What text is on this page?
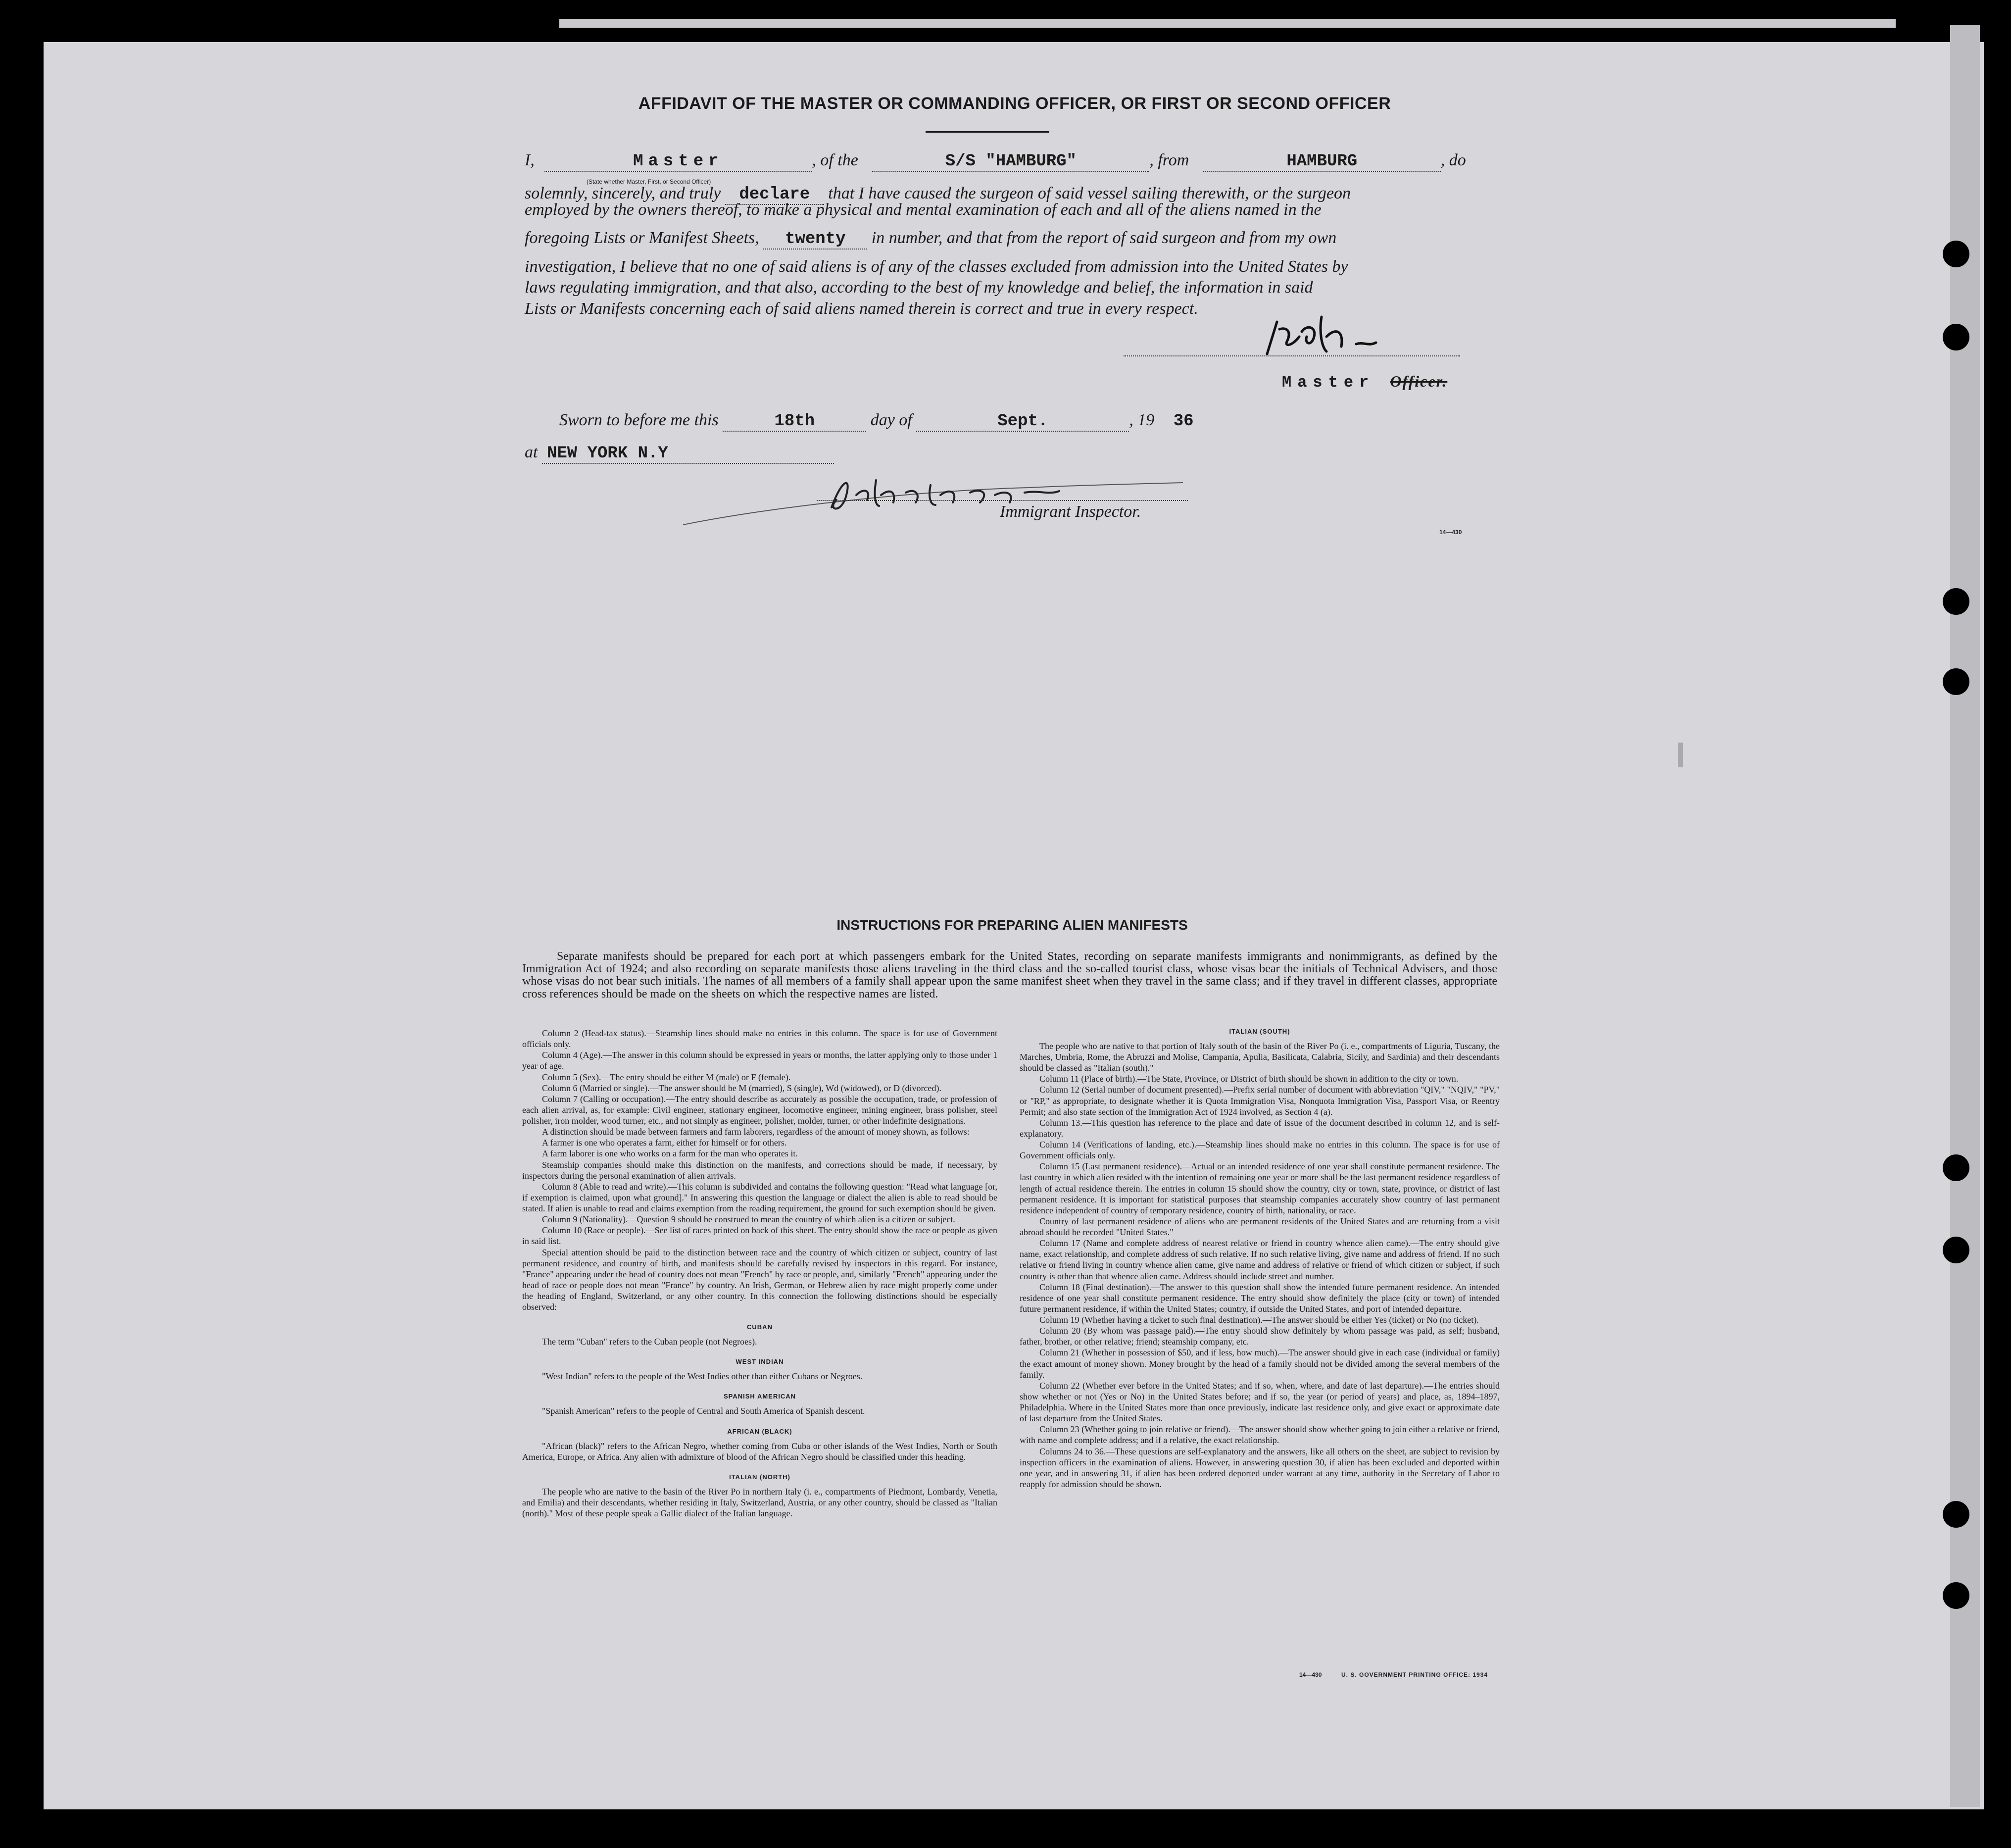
AFFIDAVIT OF THE MASTER OR COMMANDING OFFICER, OR FIRST OR SECOND OFFICER
I,	Master	, of the	S/S "HAMBURG"	, from	HAMBURG	, do
(State whether Master, First, or Second Officer)
solemnly, sincerely, and truly declare that I have caused the surgeon of said vessel sailing therewith, or the surgeon
employed by the owners thereof, to make a physical and mental examination of each and all of the aliens named in the
foregoing Lists or Manifest Sheets, twenty in number, and that from the report of said surgeon and from my own
investigation, I believe that no one of said aliens is of any of the classes excluded from admission into the United States by
laws regulating immigration, and that also, according to the best of my knowledge and belief, the information in said
Lists or Manifests concerning each of said aliens named therein is correct and true in every respect.
Master Officer.
Sworn to before me this	18th	day of	Sept.	, 19 36
at NEW YORK N.Y
Immigrant Inspector.
14—430
INSTRUCTIONS FOR PREPARING ALIEN MANIFESTS
Separate manifests should be prepared for each port at which passengers embark for the United States, recording on separate manifests immigrants and nonimmigrants, as defined by the Immigration Act of 1924; and also recording on separate manifests those aliens traveling in the third class and the so-called tourist class, whose visas bear the initials of Technical Advisers, and those whose visas do not bear such initials. The names of all members of a family shall appear upon the same manifest sheet when they travel in the same class; and if they travel in different classes, appropriate cross references should be made on the sheets on which the respective names are listed.

Column 2 (Head-tax status).—Steamship lines should make no entries in this column. The space is for use of Government officials only.

Column 4 (Age).—The answer in this column should be expressed in years or months, the latter applying only to those under 1 year of age.

Column 5 (Sex).—The entry should be either M (male) or F (female).

Column 6 (Married or single).—The answer should be M (married), S (single), Wd (widowed), or D (divorced).

Column 7 (Calling or occupation).—The entry should describe as accurately as possible the occupation, trade, or profession of each alien arrival, as, for example: Civil engineer, stationary engineer, locomotive engineer, mining engineer, brass polisher, steel polisher, iron molder, wood turner, etc., and not simply as engineer, polisher, molder, turner, or other indefinite designations.

A distinction should be made between farmers and farm laborers, regardless of the amount of money shown, as follows:

A farmer is one who operates a farm, either for himself or for others.

A farm laborer is one who works on a farm for the man who operates it.

Steamship companies should make this distinction on the manifests, and corrections should be made, if necessary, by inspectors during the personal examination of alien arrivals.

Column 8 (Able to read and write).—This column is subdivided and contains the following question: "Read what language [or, if exemption is claimed, upon what ground]." In answering this question the language or dialect the alien is able to read should be stated. If alien is unable to read and claims exemption from the reading requirement, the ground for such exemption should be given.

Column 9 (Nationality).—Question 9 should be construed to mean the country of which alien is a citizen or subject.

Column 10 (Race or people).—See list of races printed on back of this sheet. The entry should show the race or people as given in said list.

Special attention should be paid to the distinction between race and the country of which citizen or subject, country of last permanent residence, and country of birth, and manifests should be carefully revised by inspectors in this regard. For instance, "France" appearing under the head of country does not mean "French" by race or people, and, similarly "French" appearing under the head of race or people does not mean "France" by country. An Irish, German, or Hebrew alien by race might properly come under the heading of England, Switzerland, or any other country. In this connection the following distinctions should be especially observed:

CUBAN

The term "Cuban" refers to the Cuban people (not Negroes).

WEST INDIAN

"West Indian" refers to the people of the West Indies other than either Cubans or Negroes.

SPANISH AMERICAN

"Spanish American" refers to the people of Central and South America of Spanish descent.

AFRICAN (BLACK)

"African (black)" refers to the African Negro, whether coming from Cuba or other islands of the West Indies, North or South America, Europe, or Africa. Any alien with admixture of blood of the African Negro should be classified under this heading.

ITALIAN (NORTH)

The people who are native to the basin of the River Po in northern Italy (i. e., compartments of Piedmont, Lombardy, Venetia, and Emilia) and their descendants, whether residing in Italy, Switzerland, Austria, or any other country, should be classed as "Italian (north)." Most of these people speak a Gallic dialect of the Italian language.

ITALIAN (SOUTH)

The people who are native to that portion of Italy south of the basin of the River Po (i. e., compartments of Liguria, Tuscany, the Marches, Umbria, Rome, the Abruzzi and Molise, Campania, Apulia, Basilicata, Calabria, Sicily, and Sardinia) and their descendants should be classed as "Italian (south)."

Column 11 (Place of birth).—The State, Province, or District of birth should be shown in addition to the city or town.

Column 12 (Serial number of document presented).—Prefix serial number of document with abbreviation "QIV," "NQIV," "PV," or "RP," as appropriate, to designate whether it is Quota Immigration Visa, Nonquota Immigration Visa, Passport Visa, or Reentry Permit; and also state section of the Immigration Act of 1924 involved, as Section 4 (a).

Column 13.—This question has reference to the place and date of issue of the document described in column 12, and is self-explanatory.

Column 14 (Verifications of landing, etc.).—Steamship lines should make no entries in this column. The space is for use of Government officials only.

Column 15 (Last permanent residence).—Actual or an intended residence of one year shall constitute permanent residence. The last country in which alien resided with the intention of remaining one year or more shall be the last permanent residence regardless of length of actual residence therein. The entries in column 15 should show the country, city or town, state, province, or district of last permanent residence. It is important for statistical purposes that steamship companies accurately show country of last permanent residence independent of country of temporary residence, country of birth, nationality, or race.

Country of last permanent residence of aliens who are permanent residents of the United States and are returning from a visit abroad should be recorded "United States."

Column 17 (Name and complete address of nearest relative or friend in country whence alien came).—The entry should give name, exact relationship, and complete address of such relative. If no such relative living, give name and address of friend. If no such relative or friend living in country whence alien came, give name and address of relative or friend of which citizen or subject, if such country is other than that whence alien came. Address should include street and number.

Column 18 (Final destination).—The answer to this question shall show the intended future permanent residence. An intended residence of one year shall constitute permanent residence. The entry should show definitely the place (city or town) of intended future permanent residence, if within the United States; country, if outside the United States, and port of intended departure.

Column 19 (Whether having a ticket to such final destination).—The answer should be either Yes (ticket) or No (no ticket).

Column 20 (By whom was passage paid).—The entry should show definitely by whom passage was paid, as self; husband, father, brother, or other relative; friend; steamship company, etc.

Column 21 (Whether in possession of $50, and if less, how much).—The answer should give in each case (individual or family) the exact amount of money shown. Money brought by the head of a family should not be divided among the several members of the family.

Column 22 (Whether ever before in the United States; and if so, when, where, and date of last departure).—The entries should show whether or not (Yes or No) in the United States before; and if so, the year (or period of years) and place, as, 1894–1897, Philadelphia. Where in the United States more than once previously, indicate last residence only, and give exact or approximate date of last departure from the United States.

Column 23 (Whether going to join relative or friend).—The answer should show whether going to join either a relative or friend, with name and complete address; and if a relative, the exact relationship.

Columns 24 to 36.—These questions are self-explanatory and the answers, like all others on the sheet, are subject to revision by inspection officers in the examination of aliens. However, in answering question 30, if alien has been excluded and deported within one year, and in answering 31, if alien has been ordered deported under warrant at any time, authority in the Secretary of Labor to reapply for admission should be shown.

14—430	U. S. GOVERNMENT PRINTING OFFICE: 1934
